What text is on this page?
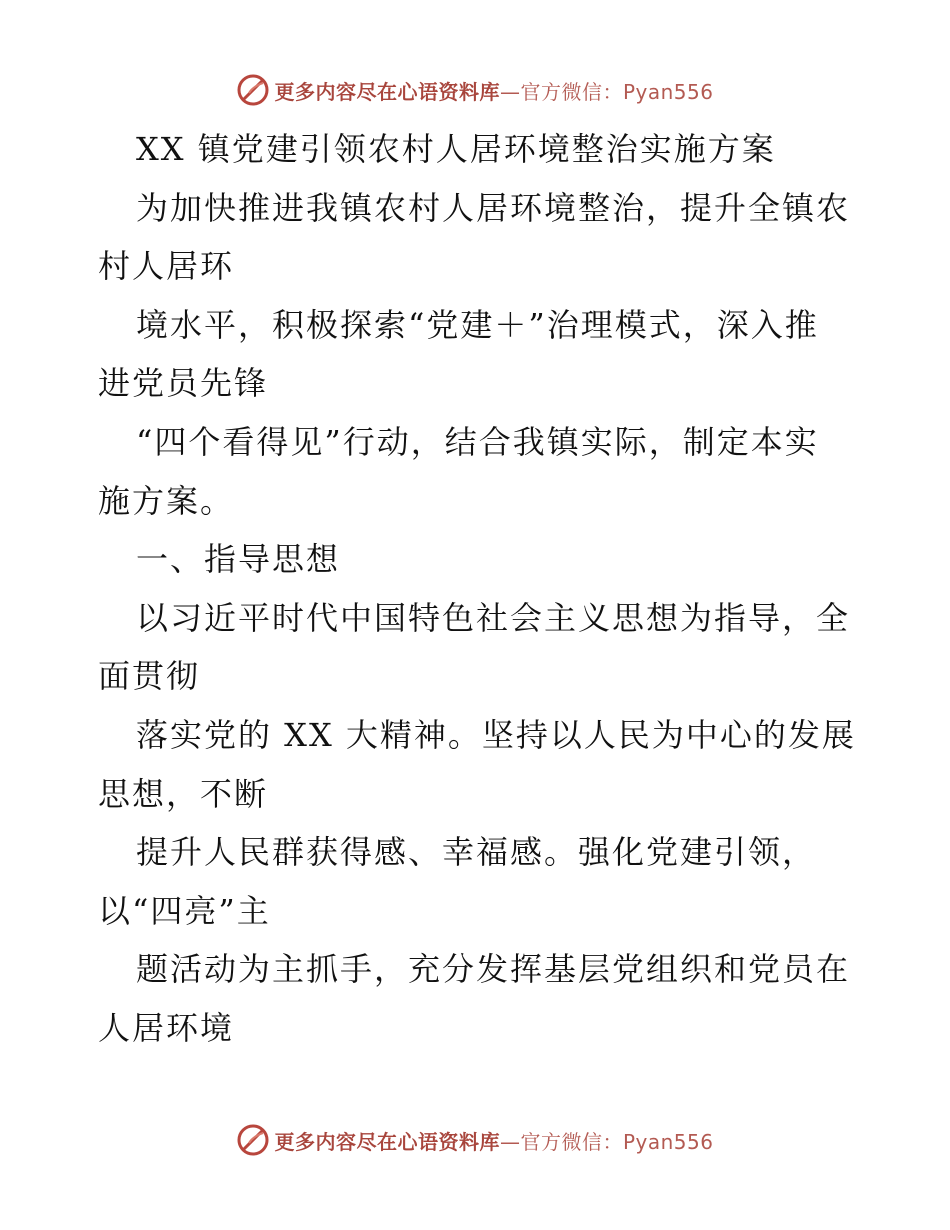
更多内容尽在心语资料库—官方微信：Pyan556
XX 镇党建引领农村人居环境整治实施方案
为加快推进我镇农村人居环境整治，提升全镇农
村人居环
境水平，积极探索“党建＋”治理模式，深入推
进党员先锋
“四个看得见”行动，结合我镇实际，制定本实
施方案。
一、指导思想
以习近平时代中国特色社会主义思想为指导，全
面贯彻
落实党的 XX 大精神。坚持以人民为中心的发展
思想，不断
提升人民群获得感、幸福感。强化党建引领，
以“四亮”主
题活动为主抓手，充分发挥基层党组织和党员在
人居环境
更多内容尽在心语资料库—官方微信：Pyan556
